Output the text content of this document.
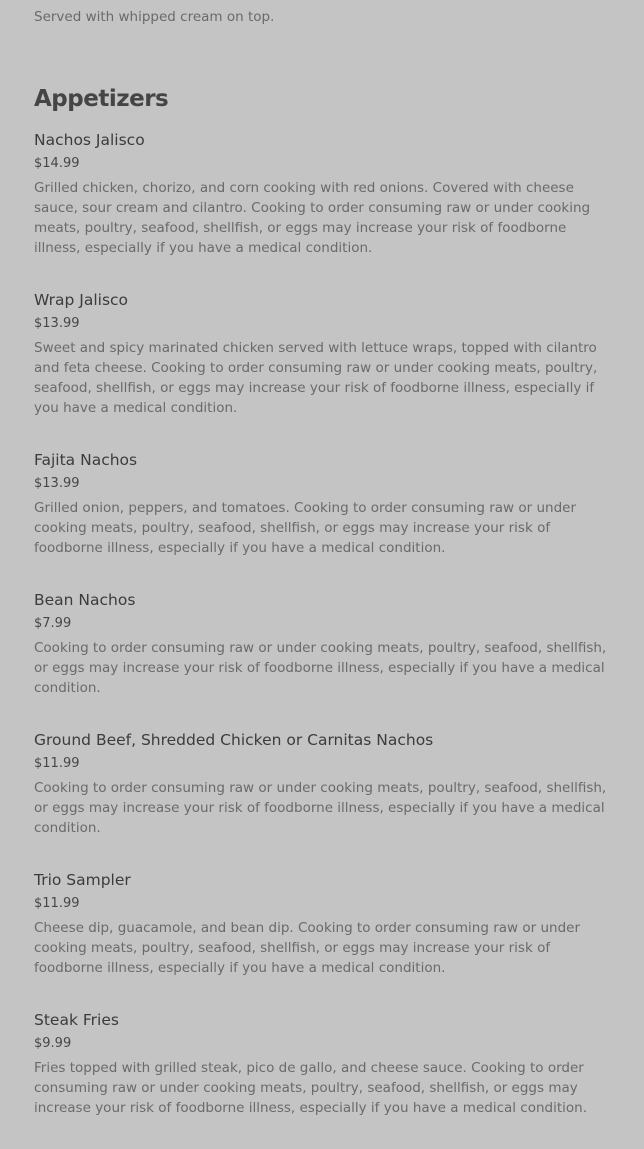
Served with whipped cream on top.
Appetizers
Nachos Jalisco
$14.99
Grilled chicken, chorizo, and corn cooking with red onions. Covered with cheese sauce, sour cream and cilantro. Cooking to order consuming raw or under cooking meats, poultry, seafood, shellfish, or eggs may increase your risk of foodborne illness, especially if you have a medical condition.
Wrap Jalisco
$13.99
Sweet and spicy marinated chicken served with lettuce wraps, topped with cilantro and feta cheese. Cooking to order consuming raw or under cooking meats, poultry, seafood, shellfish, or eggs may increase your risk of foodborne illness, especially if you have a medical condition.
Fajita Nachos
$13.99
Grilled onion, peppers, and tomatoes. Cooking to order consuming raw or under cooking meats, poultry, seafood, shellfish, or eggs may increase your risk of foodborne illness, especially if you have a medical condition.
Bean Nachos
$7.99
Cooking to order consuming raw or under cooking meats, poultry, seafood, shellfish, or eggs may increase your risk of foodborne illness, especially if you have a medical condition.
Ground Beef, Shredded Chicken or Carnitas Nachos
$11.99
Cooking to order consuming raw or under cooking meats, poultry, seafood, shellfish, or eggs may increase your risk of foodborne illness, especially if you have a medical condition.
Trio Sampler
$11.99
Cheese dip, guacamole, and bean dip. Cooking to order consuming raw or under cooking meats, poultry, seafood, shellfish, or eggs may increase your risk of foodborne illness, especially if you have a medical condition.
Steak Fries
$9.99
Fries topped with grilled steak, pico de gallo, and cheese sauce. Cooking to order consuming raw or under cooking meats, poultry, seafood, shellfish, or eggs may increase your risk of foodborne illness, especially if you have a medical condition.
